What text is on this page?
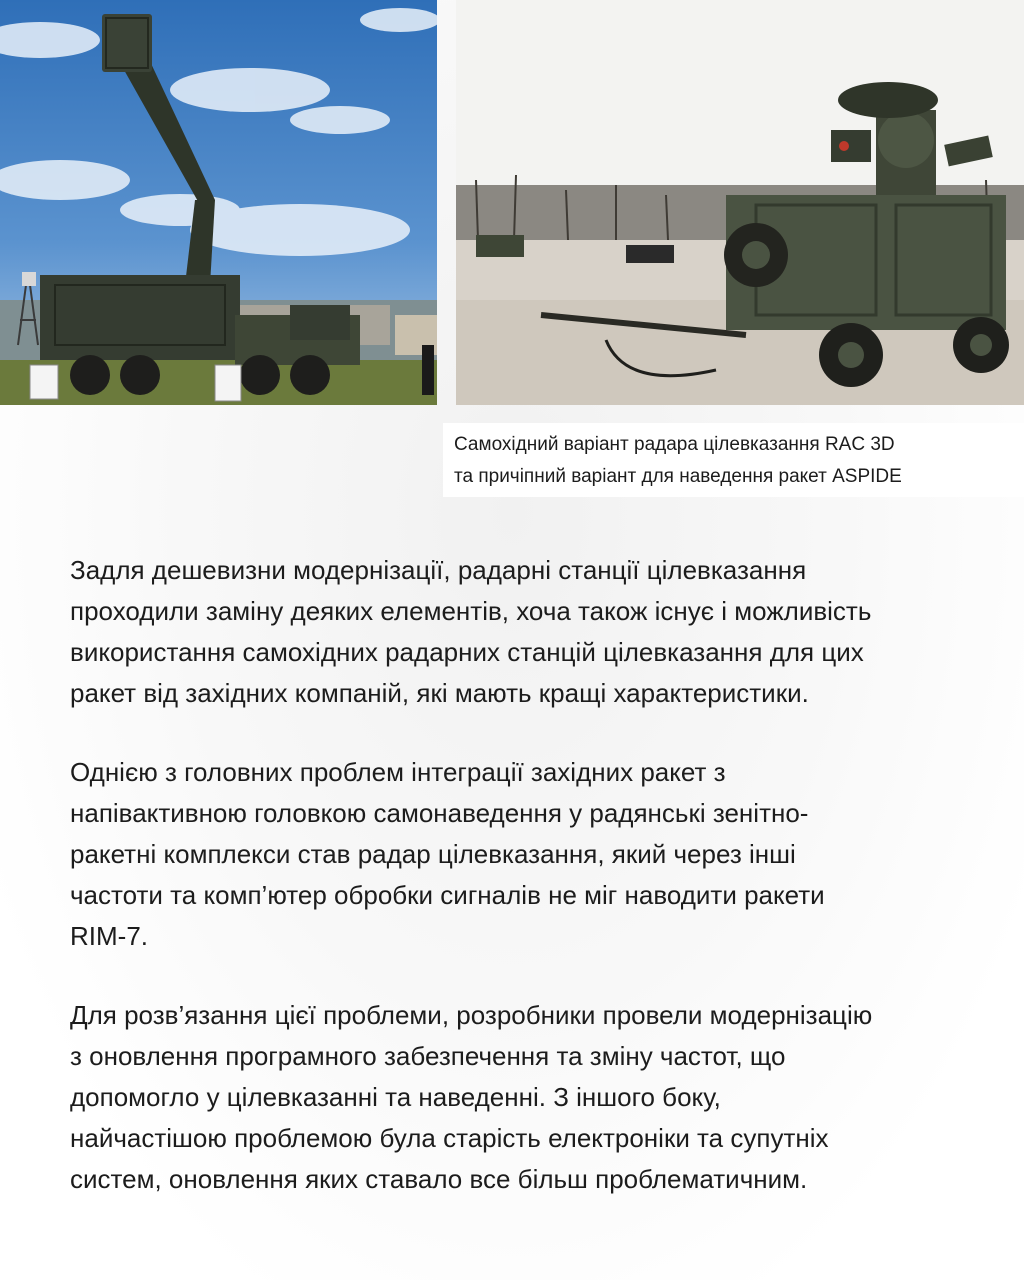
Самохідний варіант радара цілевказання RAC 3D
та причіпний варіант для наведення ракет ASPIDE

Задля дешевизни модернізації, радарні станції цілевказання
проходили заміну деяких елементів, хоча також існує і можливість
використання самохідних радарних станцій цілевказання для цих
ракет від західних компаній, які мають кращі характеристики.

Однією з головних проблем інтеграції західних ракет з
напівактивною головкою самонаведення у радянські зенітно-
ракетні комплекси став радар цілевказання, який через інші
частоти та комп’ютер обробки сигналів не міг наводити ракети
RIM-7.

Для розв’язання цієї проблеми, розробники провели модернізацію
з оновлення програмного забезпечення та зміну частот, що
допомогло у цілевказанні та наведенні. З іншого боку,
найчастішою проблемою була старість електроніки та супутніх
систем, оновлення яких ставало все більш проблематичним.
